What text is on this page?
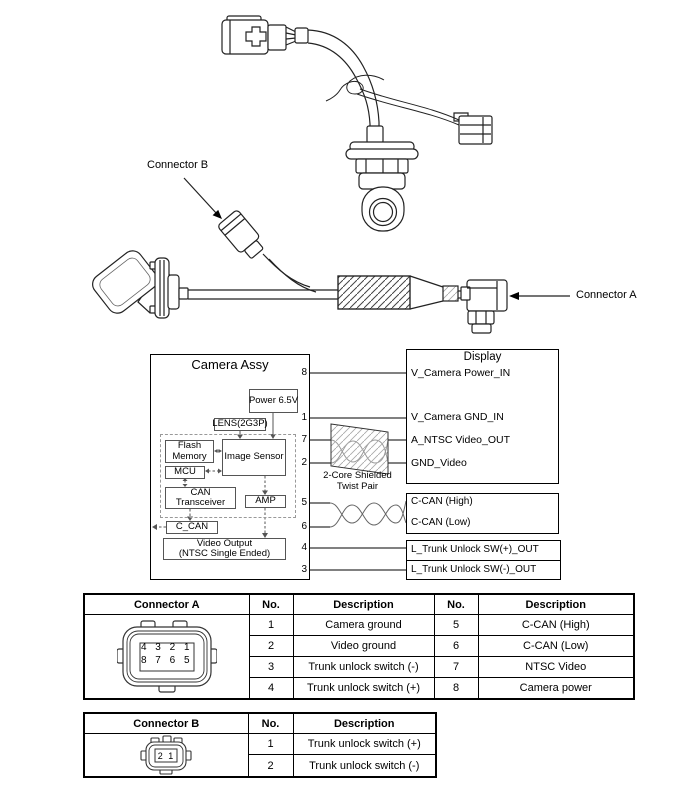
Connector B
Connector A
Camera Assy
Power 6.5V
LENS(2G3P)
Flash
Memory Image Sensor
MCU
CAN
Transceiver	AMP
C_CAN
Video Output
(NTSC Single Ended)
8
1
7
2
5
6
4
3
Display
V_Camera Power_IN
V_Camera GND_IN
A_NTSC Video_OUT
GND_Video
C-CAN (High)
C-CAN (Low)
L_Trunk Unlock SW(+)_OUT
L_Trunk Unlock SW(-)_OUT
2-Core Shielded
Twist Pair
Connector A	No.	Description	No.	Description

4 3 2 1
8 7 6 5	1	Camera ground	5	C-CAN (High)
	2	Video ground	6	C-CAN (Low)
	3	Trunk unlock switch (-)	7	NTSC Video
	4	Trunk unlock switch (+)	8	Camera power
Connector B	No.	Description

2 1	1	Trunk unlock switch (+)
	2	Trunk unlock switch (-)
